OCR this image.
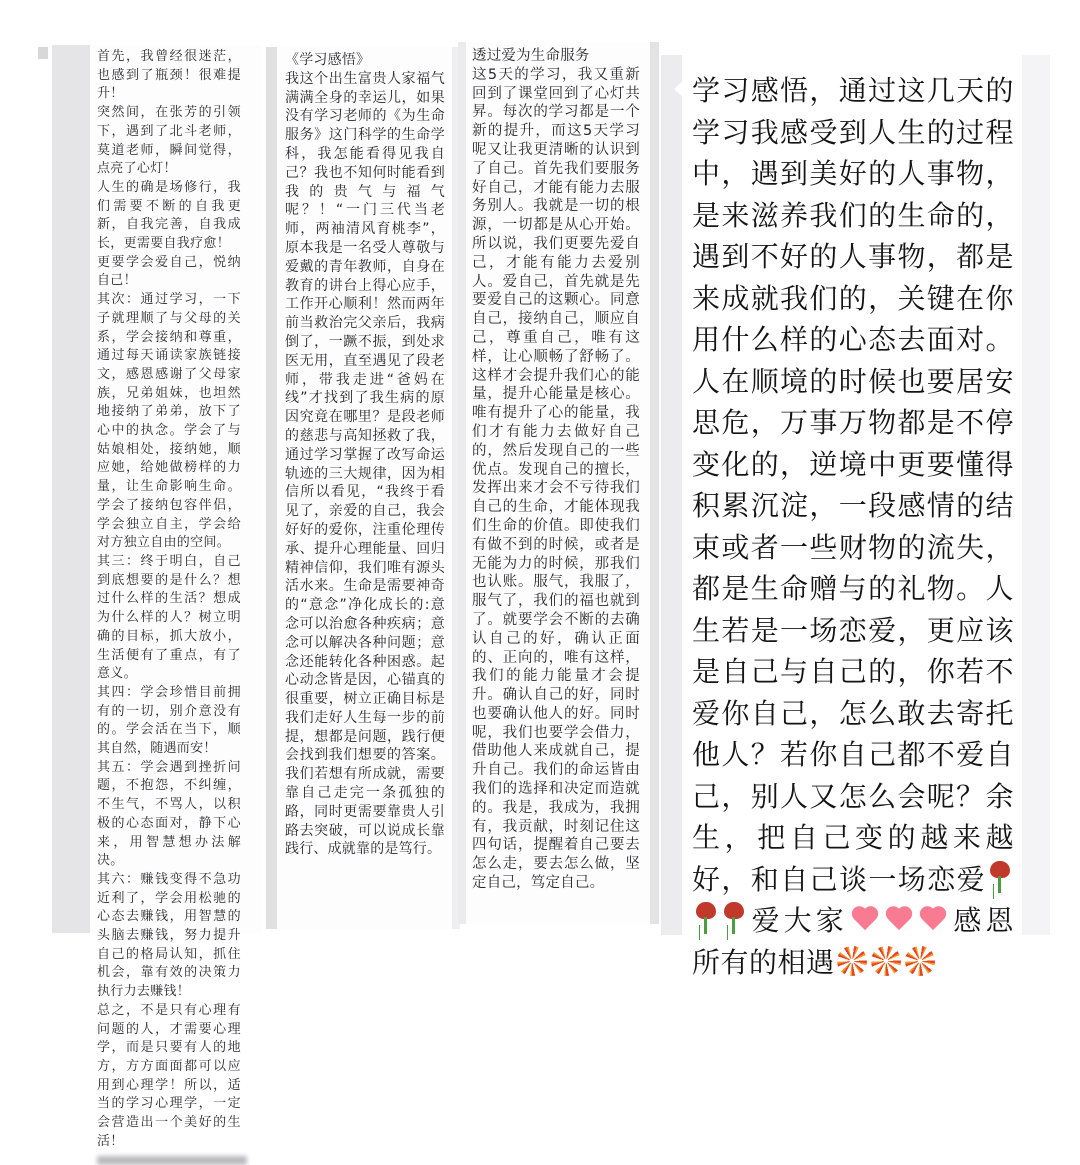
首先，我曾经很迷茫，也感到了瓶颈！很难提升！

突然间，在张芳的引领下，遇到了北斗老师，莫道老师，瞬间觉得，点亮了心灯！

人生的确是场修行，我们需要不断的自我更新，自我完善，自我成长，更需要自我疗愈！

更要学会爱自己，悦纳自己！

其次：通过学习，一下子就理顺了与父母的关系，学会接纳和尊重，通过每天诵读家族链接文，感恩感谢了父母家族，兄弟姐妹，也坦然地接纳了弟弟，放下了心中的执念。学会了与姑娘相处，接纳她，顺应她，给她做榜样的力量，让生命影响生命。学会了接纳包容伴侣，学会独立自主，学会给对方独立自由的空间。

其三：终于明白，自己到底想要的是什么？想过什么样的生活？想成为什么样的人？树立明确的目标，抓大放小，生活便有了重点，有了意义。

其四：学会珍惜目前拥有的一切，别介意没有的。学会活在当下，顺其自然，随遇而安！

其五：学会遇到挫折问题，不抱怨，不纠缠，不生气，不骂人，以积极的心态面对，静下心来，用智慧想办法解决。

其六：赚钱变得不急功近利了，学会用松驰的心态去赚钱，用智慧的头脑去赚钱，努力提升自己的格局认知，抓住机会，靠有效的决策力执行力去赚钱！

总之，不是只有心理有问题的人，才需要心理学，而是只要有人的地方，方方面面都可以应用到心理学！所以，适当的学习心理学，一定会营造出一个美好的生活！

《学习感悟》

我这个出生富贵人家福气满满全身的幸运儿，如果没有学习老师的《为生命服务》这门科学的生命学科，我怎能看得见我自己？我也不知何时能看到我的贵气与福气呢？！“一门三代当老师，两袖清风育桃李”，原本我是一名受人尊敬与爱戴的青年教师，自身在教育的讲台上得心应手，工作开心顺利！然而两年前当救治完父亲后，我病倒了，一蹶不振，到处求医无用，直至遇见了段老师，带我走进“爸妈在线”才找到了我生病的原因究竟在哪里？是段老师的慈悲与高知拯救了我，通过学习掌握了改写命运轨迹的三大规律，因为相信所以看见，“我终于看见了，亲爱的自己，我会好好的爱你，注重伦理传承、提升心理能量、回归精神信仰，我们唯有源头活水来。生命是需要神奇的“意念”净化成长的:意念可以治愈各种疾病；意念可以解决各种问题；意念还能转化各种困惑。起心动念皆是因，心锚真的很重要，树立正确目标是我们走好人生每一步的前提，想都是问题，践行便会找到我们想要的答案。我们若想有所成就，需要靠自己走完一条孤独的路，同时更需要靠贵人引路去突破，可以说成长靠践行、成就靠的是笃行。

透过爱为生命服务

这5天的学习，我又重新回到了课堂回到了心灯共昇。每次的学习都是一个新的提升，而这5天学习呢又让我更清晰的认识到了自己。首先我们要服务好自己，才能有能力去服务别人。我就是一切的根源，一切都是从心开始。所以说，我们更要先爱自己，才能有能力去爱别人。爱自己，首先就是先要爱自己的这颗心。同意自己，接纳自己，顺应自己，尊重自己，唯有这样，让心顺畅了舒畅了。这样才会提升我们心的能量，提升心能量是核心。唯有提升了心的能量，我们才有能力去做好自己的，然后发现自己的一些优点。发现自己的擅长，发挥出来才会不亏待我们自己的生命，才能体现我们生命的价值。即使我们有做不到的时候，或者是无能为力的时候，那我们也认账。服气，我服了，服气了，我们的福也就到了。就要学会不断的去确认自己的好，确认正面的、正向的，唯有这样，我们的能力能量才会提升。确认自己的好，同时也要确认他人的好。同时呢，我们也要学会借力，借助他人来成就自己，提升自己。我们的命运皆由我们的选择和决定而造就的。我是，我成为，我拥有，我贡献，时刻记住这四句话，提醒着自己要去怎么走，要去怎么做，坚定自己，笃定自己。

学习感悟，通过这几天的学习我感受到人生的过程中，遇到美好的人事物，是来滋养我们的生命的，遇到不好的人事物，都是来成就我们的，关键在你用什么样的心态去面对。人在顺境的时候也要居安思危，万事万物都是不停变化的，逆境中更要懂得积累沉淀，一段感情的结束或者一些财物的流失，都是生命赠与的礼物。人生若是一场恋爱，更应该是自己与自己的，你若不爱你自己，怎么敢去寄托他人？若你自己都不爱自己，别人又怎么会呢？余生，把自己变的越来越好，和自己谈一场恋爱爱大家	感恩所有的相遇
